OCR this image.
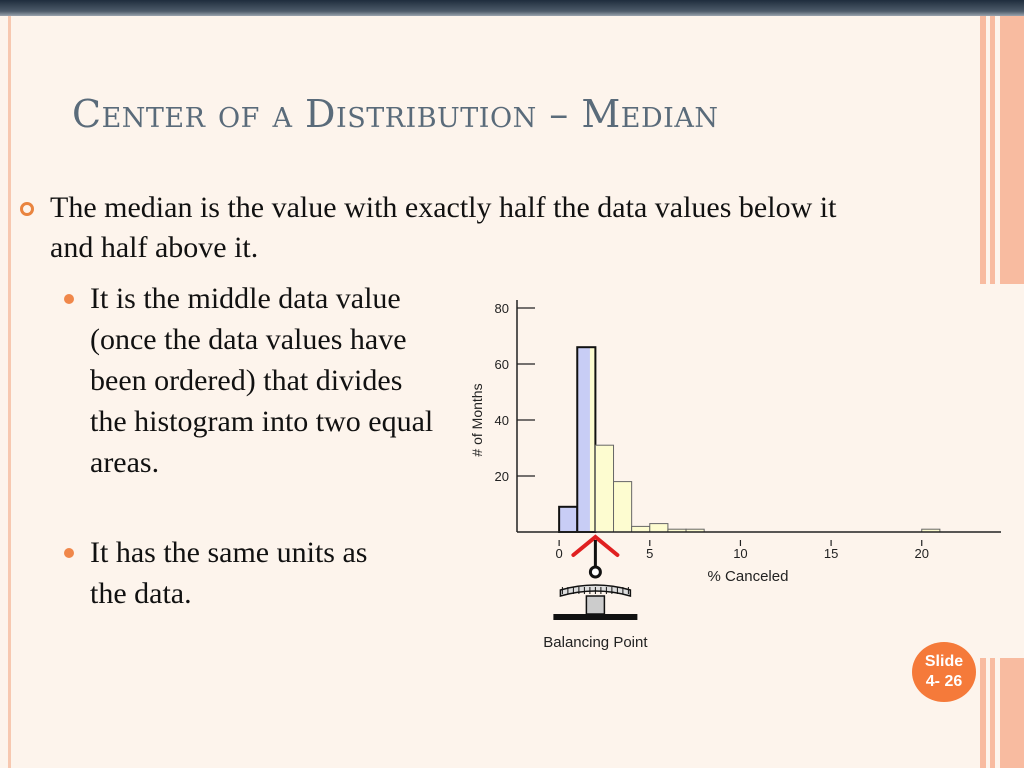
Center of a Distribution – Median
The median is the value with exactly half the data values below it and half above it.
It is the middle data value (once the data values have been ordered) that divides the histogram into two equal areas.
It has the same units as the data.
20
40
60
80
0	5	10	15	20
# of Months
% Canceled
Balancing Point
Slide
4- 26
